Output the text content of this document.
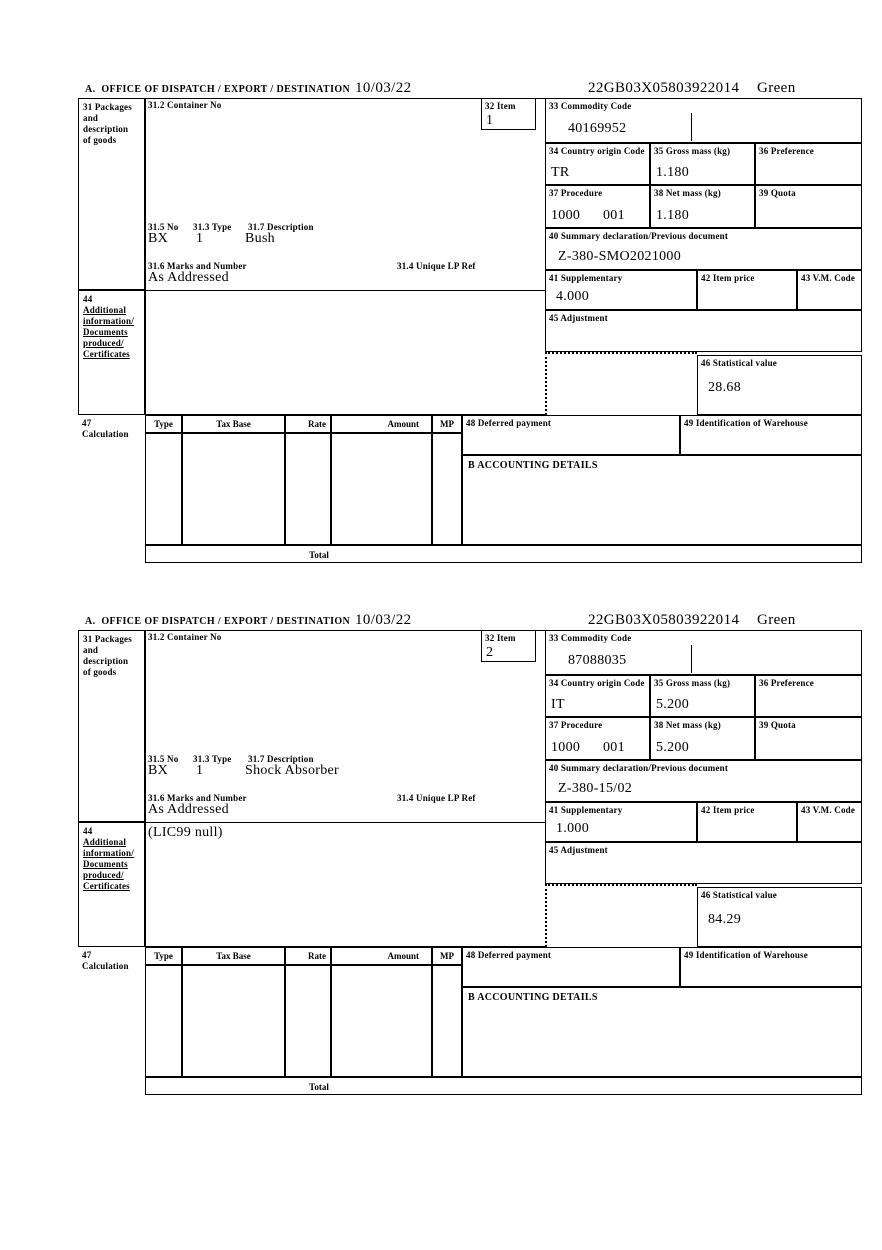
A.  OFFICE OF DISPATCH / EXPORT / DESTINATION 10/03/22	22GB03X05803922014 Green
31 Packages
and
description
of goods
44
Additional
information/
Documents
produced/
Certificates
31.2 Container No	32 Item
1
31.5 No 31.3 Type 31.7 Description
BX 1	Bush
31.6 Marks and Number	31.4 Unique LP Ref
As Addressed
33 Commodity Code
40169952
34 Country origin Code
TR
35 Gross mass (kg)
1.180
36 Preference
37 Procedure
1000 001
38 Net mass (kg)
1.180
39 Quota
40 Summary declaration/Previous document
Z-380-SMO2021000
41 Supplementary
4.000
42 Item price	43 V.M. Code
45 Adjustment
46 Statistical value
28.68
47
Calculation
Type	Tax Base	Rate	Amount	MP	48 Deferred payment	49 Identification of Warehouse
B ACCOUNTING DETAILS
Total
A.  OFFICE OF DISPATCH / EXPORT / DESTINATION 10/03/22	22GB03X05803922014 Green
31 Packages
and
description
of goods
44
Additional
information/
Documents
produced/
Certificates
31.2 Container No	32 Item
2
31.5 No 31.3 Type 31.7 Description
BX 1	Shock Absorber
31.6 Marks and Number	31.4 Unique LP Ref
As Addressed
(LIC99 null)
33 Commodity Code
87088035
34 Country origin Code
IT
35 Gross mass (kg)
5.200
36 Preference
37 Procedure
1000 001
38 Net mass (kg)
5.200
39 Quota
40 Summary declaration/Previous document
Z-380-15/02
41 Supplementary
1.000
42 Item price	43 V.M. Code
45 Adjustment
46 Statistical value
84.29
47
Calculation
Type	Tax Base	Rate	Amount	MP	48 Deferred payment	49 Identification of Warehouse
B ACCOUNTING DETAILS
Total
